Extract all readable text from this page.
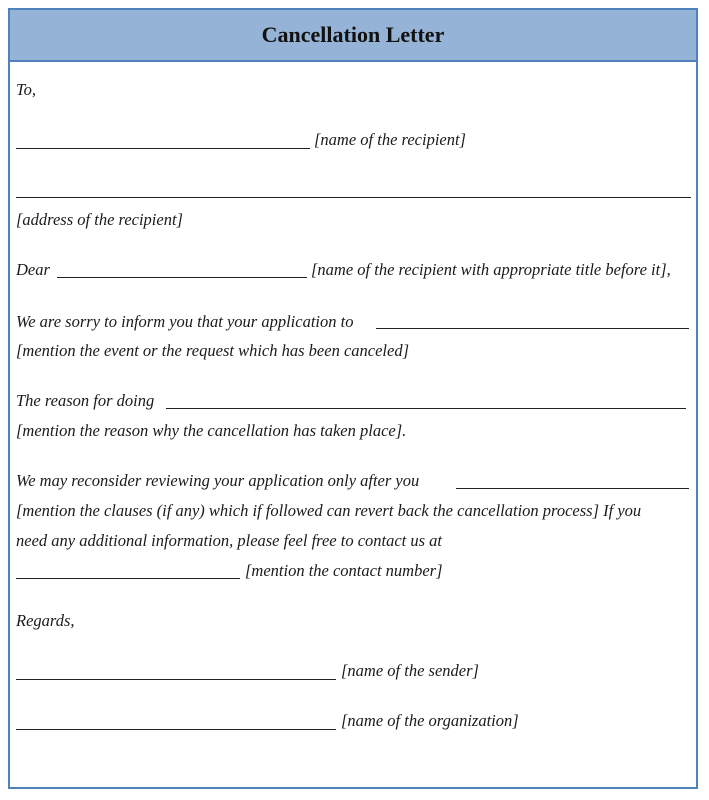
Cancellation Letter
To,
[name of the recipient]
[address of the recipient]
Dear	[name of the recipient with appropriate title before it],
We are sorry to inform you that your application to
[mention the event or the request which has been canceled]
The reason for doing
[mention the reason why the cancellation has taken place].
We may reconsider reviewing your application only after you
[mention the clauses (if any) which if followed can revert back the cancellation process] If you
need any additional information, please feel free to contact us at
[mention the contact number]
Regards,
[name of the sender]
[name of the organization]
